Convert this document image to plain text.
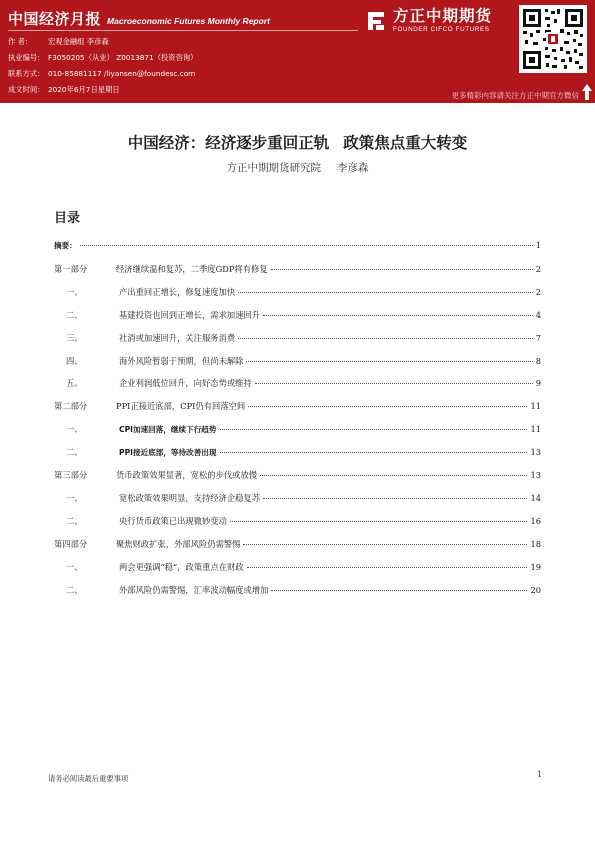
中国经济月报 Macroeconomic Futures Monthly Report
作 者： 宏观金融组 李彦森
执业编号： F3050205（从业） Z0013871（投资咨询）
联系方式： 010-85881117 /liyansen@foundesc.com
成文时间： 2020年6月7日星期日
方正中期期货
FOUNDER CIFCO FUTURES
更多精彩内容请关注方正中期官方微信
中国经济：经济逐步重回正轨 政策焦点重大转变
方正中期期货研究院 李彦森
目录
摘要：	1
第一部分	经济继续温和复苏，二季度GDP将有修复	2
一、	产出重回正增长，修复速度加快	2
二、	基建投资也回到正增长，需求加速回升	4
三、	社消或加速回升，关注服务消费	7
四、	海外风险暂弱于预期，但尚未解除	8
五、	企业利润低位回升，向好态势或维持	9
第二部分	PPI正接近底部，CPI仍有回落空间	11
一、	CPI加速回落，继续下行趋势	11
二、	PPI接近底部，等待改善出现	13
第三部分	货币政策效果显著，宽松的步伐或放慢	13
一、	宽松政策效果明显，支持经济企稳复苏	14
二、	央行货币政策已出现微妙变动	16
第四部分	聚焦财政扩张，外部风险仍需警惕	18
一、	两会更强调“稳”，政策重点在财政	19
二、	外部风险仍需警惕，汇率波动幅度或增加	20
请务必阅读最后重要事项	1
